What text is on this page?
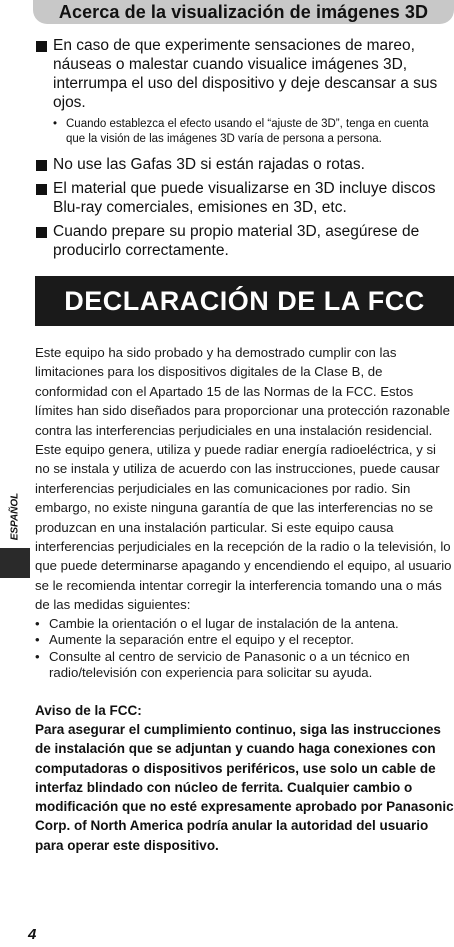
Acerca de la visualización de imágenes 3D
En caso de que experimente sensaciones de mareo, náuseas o malestar cuando visualice imágenes 3D, interrumpa el uso del dispositivo y deje descansar a sus ojos.
• Cuando establezca el efecto usando el “ajuste de 3D”, tenga en cuenta que la visión de las imágenes 3D varía de persona a persona.
No use las Gafas 3D si están rajadas o rotas.
El material que puede visualizarse en 3D incluye discos Blu-ray comerciales, emisiones en 3D, etc.
Cuando prepare su propio material 3D, asegúrese de producirlo correctamente.
DECLARACIÓN DE LA FCC
Este equipo ha sido probado y ha demostrado cumplir con las limitaciones para los dispositivos digitales de la Clase B, de conformidad con el Apartado 15 de las Normas de la FCC. Estos límites han sido diseñados para proporcionar una protección razonable contra las interferencias perjudiciales en una instalación residencial. Este equipo genera, utiliza y puede radiar energía radioeléctrica, y si no se instala y utiliza de acuerdo con las instrucciones, puede causar interferencias perjudiciales en las comunicaciones por radio. Sin embargo, no existe ninguna garantía de que las interferencias no se produzcan en una instalación particular. Si este equipo causa interferencias perjudiciales en la recepción de la radio o la televisión, lo que puede determinarse apagando y encendiendo el equipo, al usuario se le recomienda intentar corregir la interferencia tomando una o más de las medidas siguientes:
• Cambie la orientación o el lugar de instalación de la antena.
• Aumente la separación entre el equipo y el receptor.
• Consulte al centro de servicio de Panasonic o a un técnico en radio/televisión con experiencia para solicitar su ayuda.
Aviso de la FCC:
Para asegurar el cumplimiento continuo, siga las instrucciones de instalación que se adjuntan y cuando haga conexiones con computadoras o dispositivos periféricos, use solo un cable de interfaz blindado con núcleo de ferrita. Cualquier cambio o modificación que no esté expresamente aprobado por Panasonic Corp. of North America podría anular la autoridad del usuario para operar este dispositivo.
ESPAÑOL
4
